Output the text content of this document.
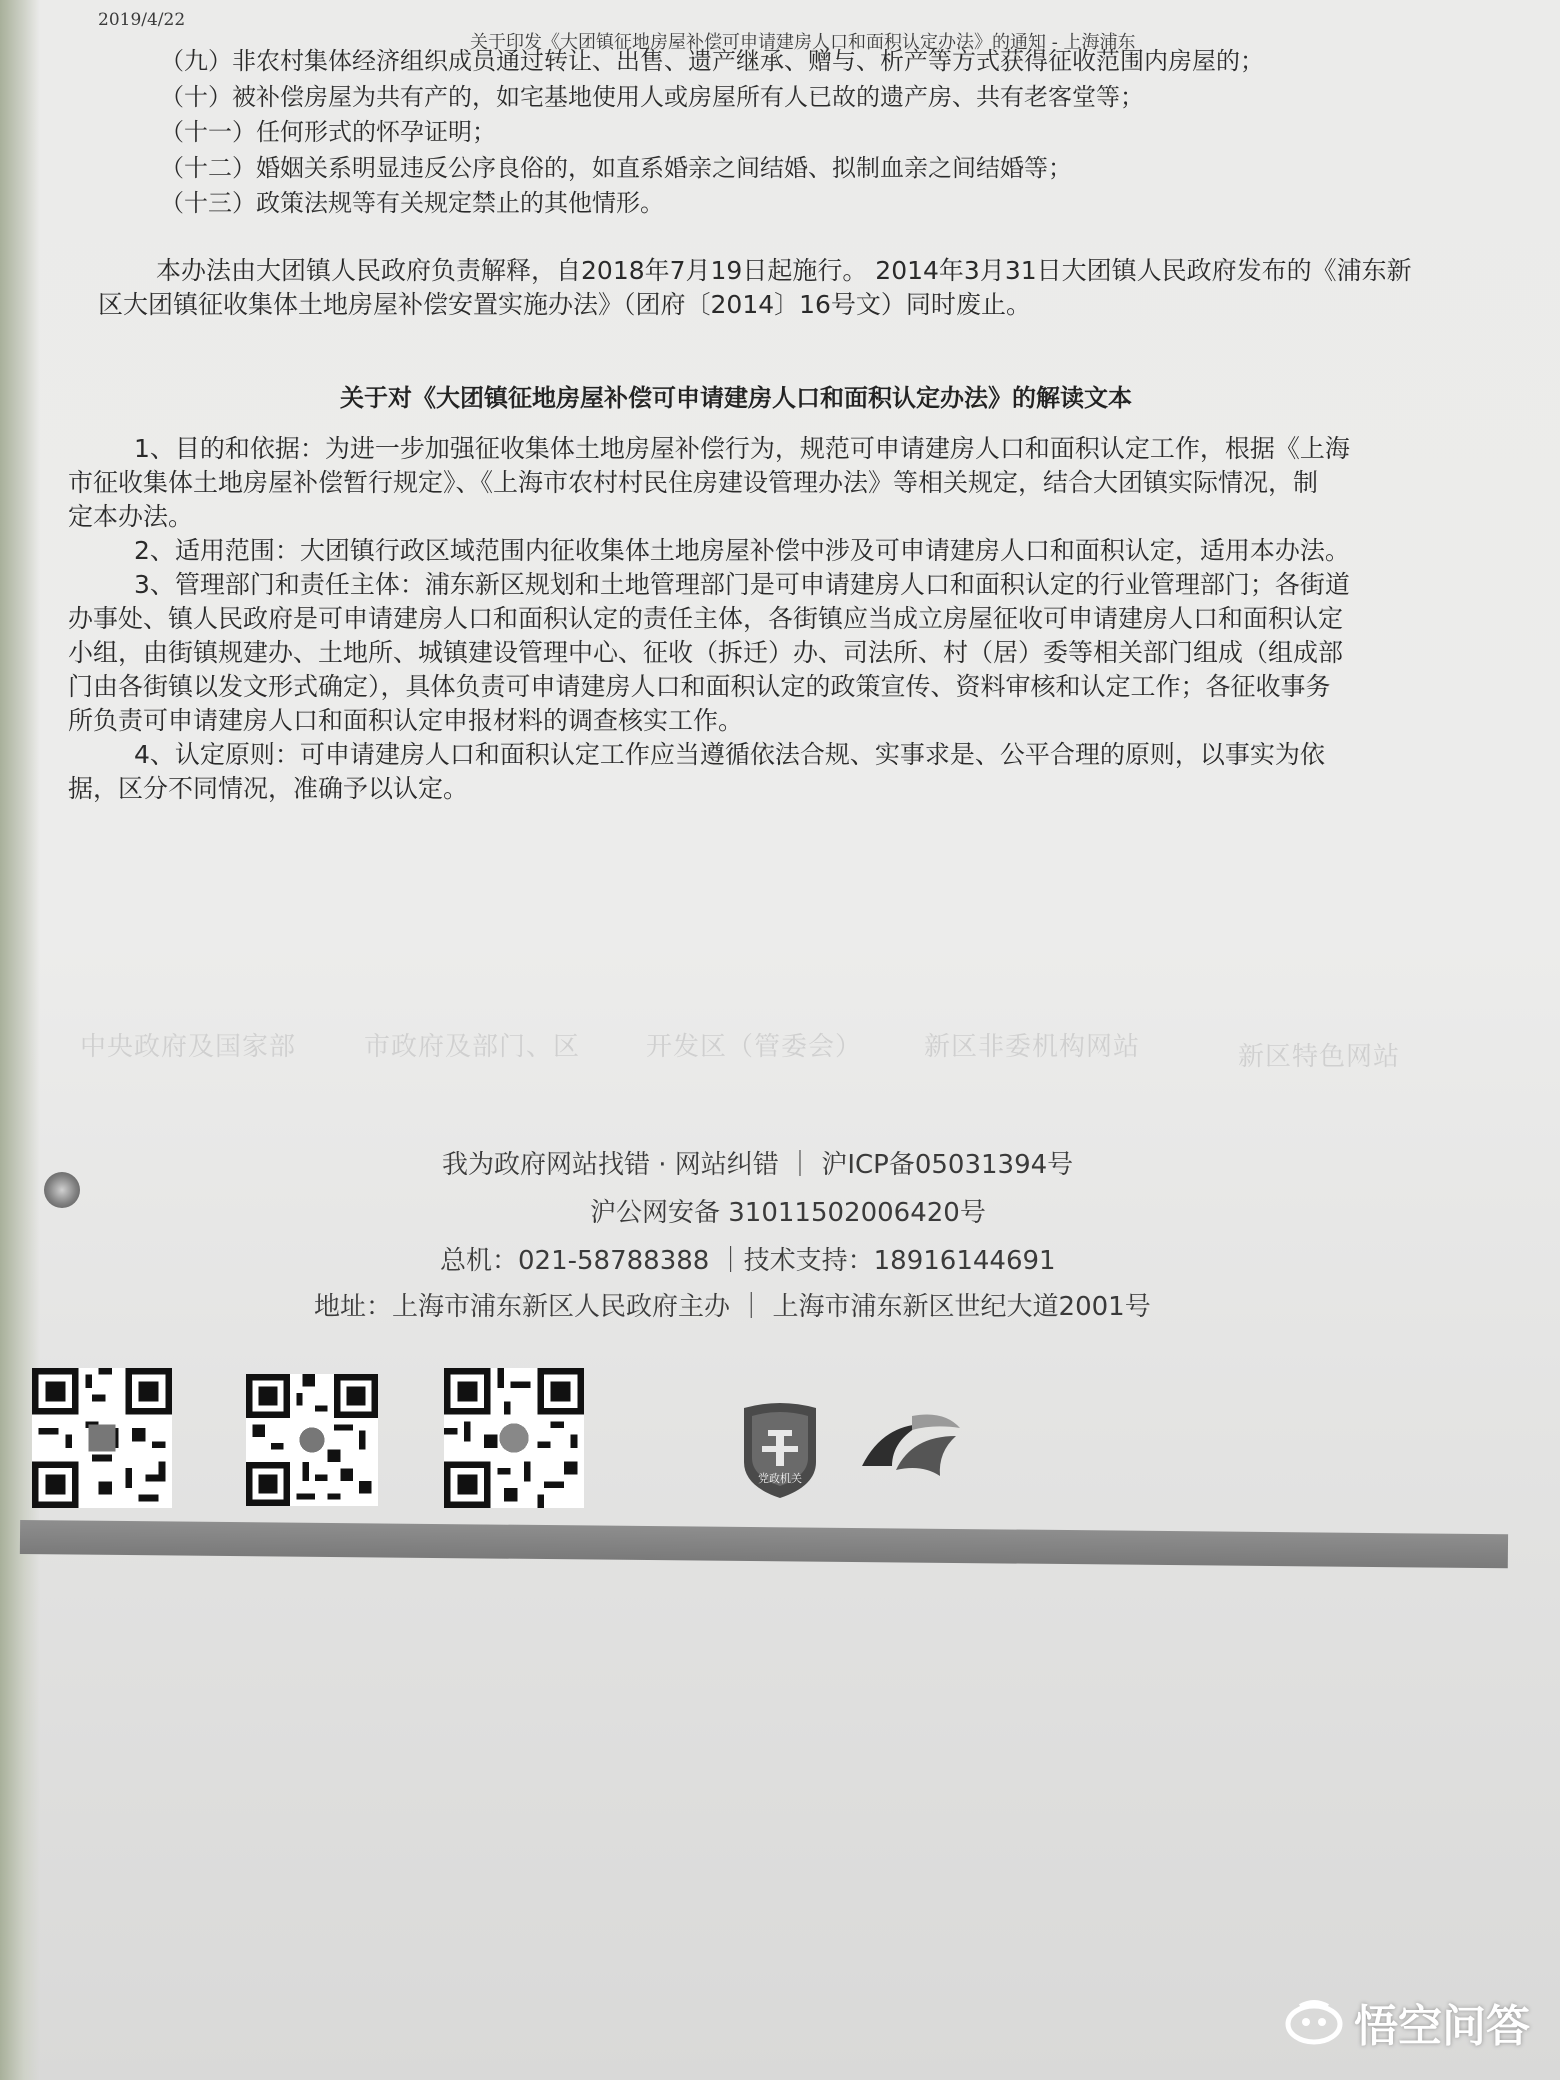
2019/4/22
关于印发《大团镇征地房屋补偿可申请建房人口和面积认定办法》的通知 - 上海浦东
（九）非农村集体经济组织成员通过转让、出售、遗产继承、赠与、析产等方式获得征收范围内房屋的；
（十）被补偿房屋为共有产的，如宅基地使用人或房屋所有人已故的遗产房、共有老客堂等；
（十一）任何形式的怀孕证明；
（十二）婚姻关系明显违反公序良俗的，如直系婚亲之间结婚、拟制血亲之间结婚等；
（十三）政策法规等有关规定禁止的其他情形。
本办法由大团镇人民政府负责解释，自2018年7月19日起施行。 2014年3月31日大团镇人民政府发布的《浦东新
区大团镇征收集体土地房屋补偿安置实施办法》（团府〔2014〕16号文）同时废止。
关于对《大团镇征地房屋补偿可申请建房人口和面积认定办法》的解读文本
1、目的和依据：为进一步加强征收集体土地房屋补偿行为，规范可申请建房人口和面积认定工作，根据《上海
市征收集体土地房屋补偿暂行规定》、《上海市农村村民住房建设管理办法》等相关规定，结合大团镇实际情况，制
定本办法。
2、适用范围：大团镇行政区域范围内征收集体土地房屋补偿中涉及可申请建房人口和面积认定，适用本办法。
3、管理部门和责任主体：浦东新区规划和土地管理部门是可申请建房人口和面积认定的行业管理部门；各街道
办事处、镇人民政府是可申请建房人口和面积认定的责任主体，各街镇应当成立房屋征收可申请建房人口和面积认定
小组，由街镇规建办、土地所、城镇建设管理中心、征收（拆迁）办、司法所、村（居）委等相关部门组成（组成部
门由各街镇以发文形式确定），具体负责可申请建房人口和面积认定的政策宣传、资料审核和认定工作；各征收事务
所负责可申请建房人口和面积认定申报材料的调查核实工作。
4、认定原则：可申请建房人口和面积认定工作应当遵循依法合规、实事求是、公平合理的原则，以事实为依
据，区分不同情况，准确予以认定。
中央政府及国家部	市政府及部门、区	开发区（管委会） 新区非委机构网站	新区特色网站
我为政府网站找错 · 网站纠错 ｜ 沪ICP备05031394号
沪公网安备 31011502006420号
总机：021-58788388 ｜技术支持：18916144691
地址：上海市浦东新区人民政府主办 ｜ 上海市浦东新区世纪大道2001号
党政机关
悟空问答
